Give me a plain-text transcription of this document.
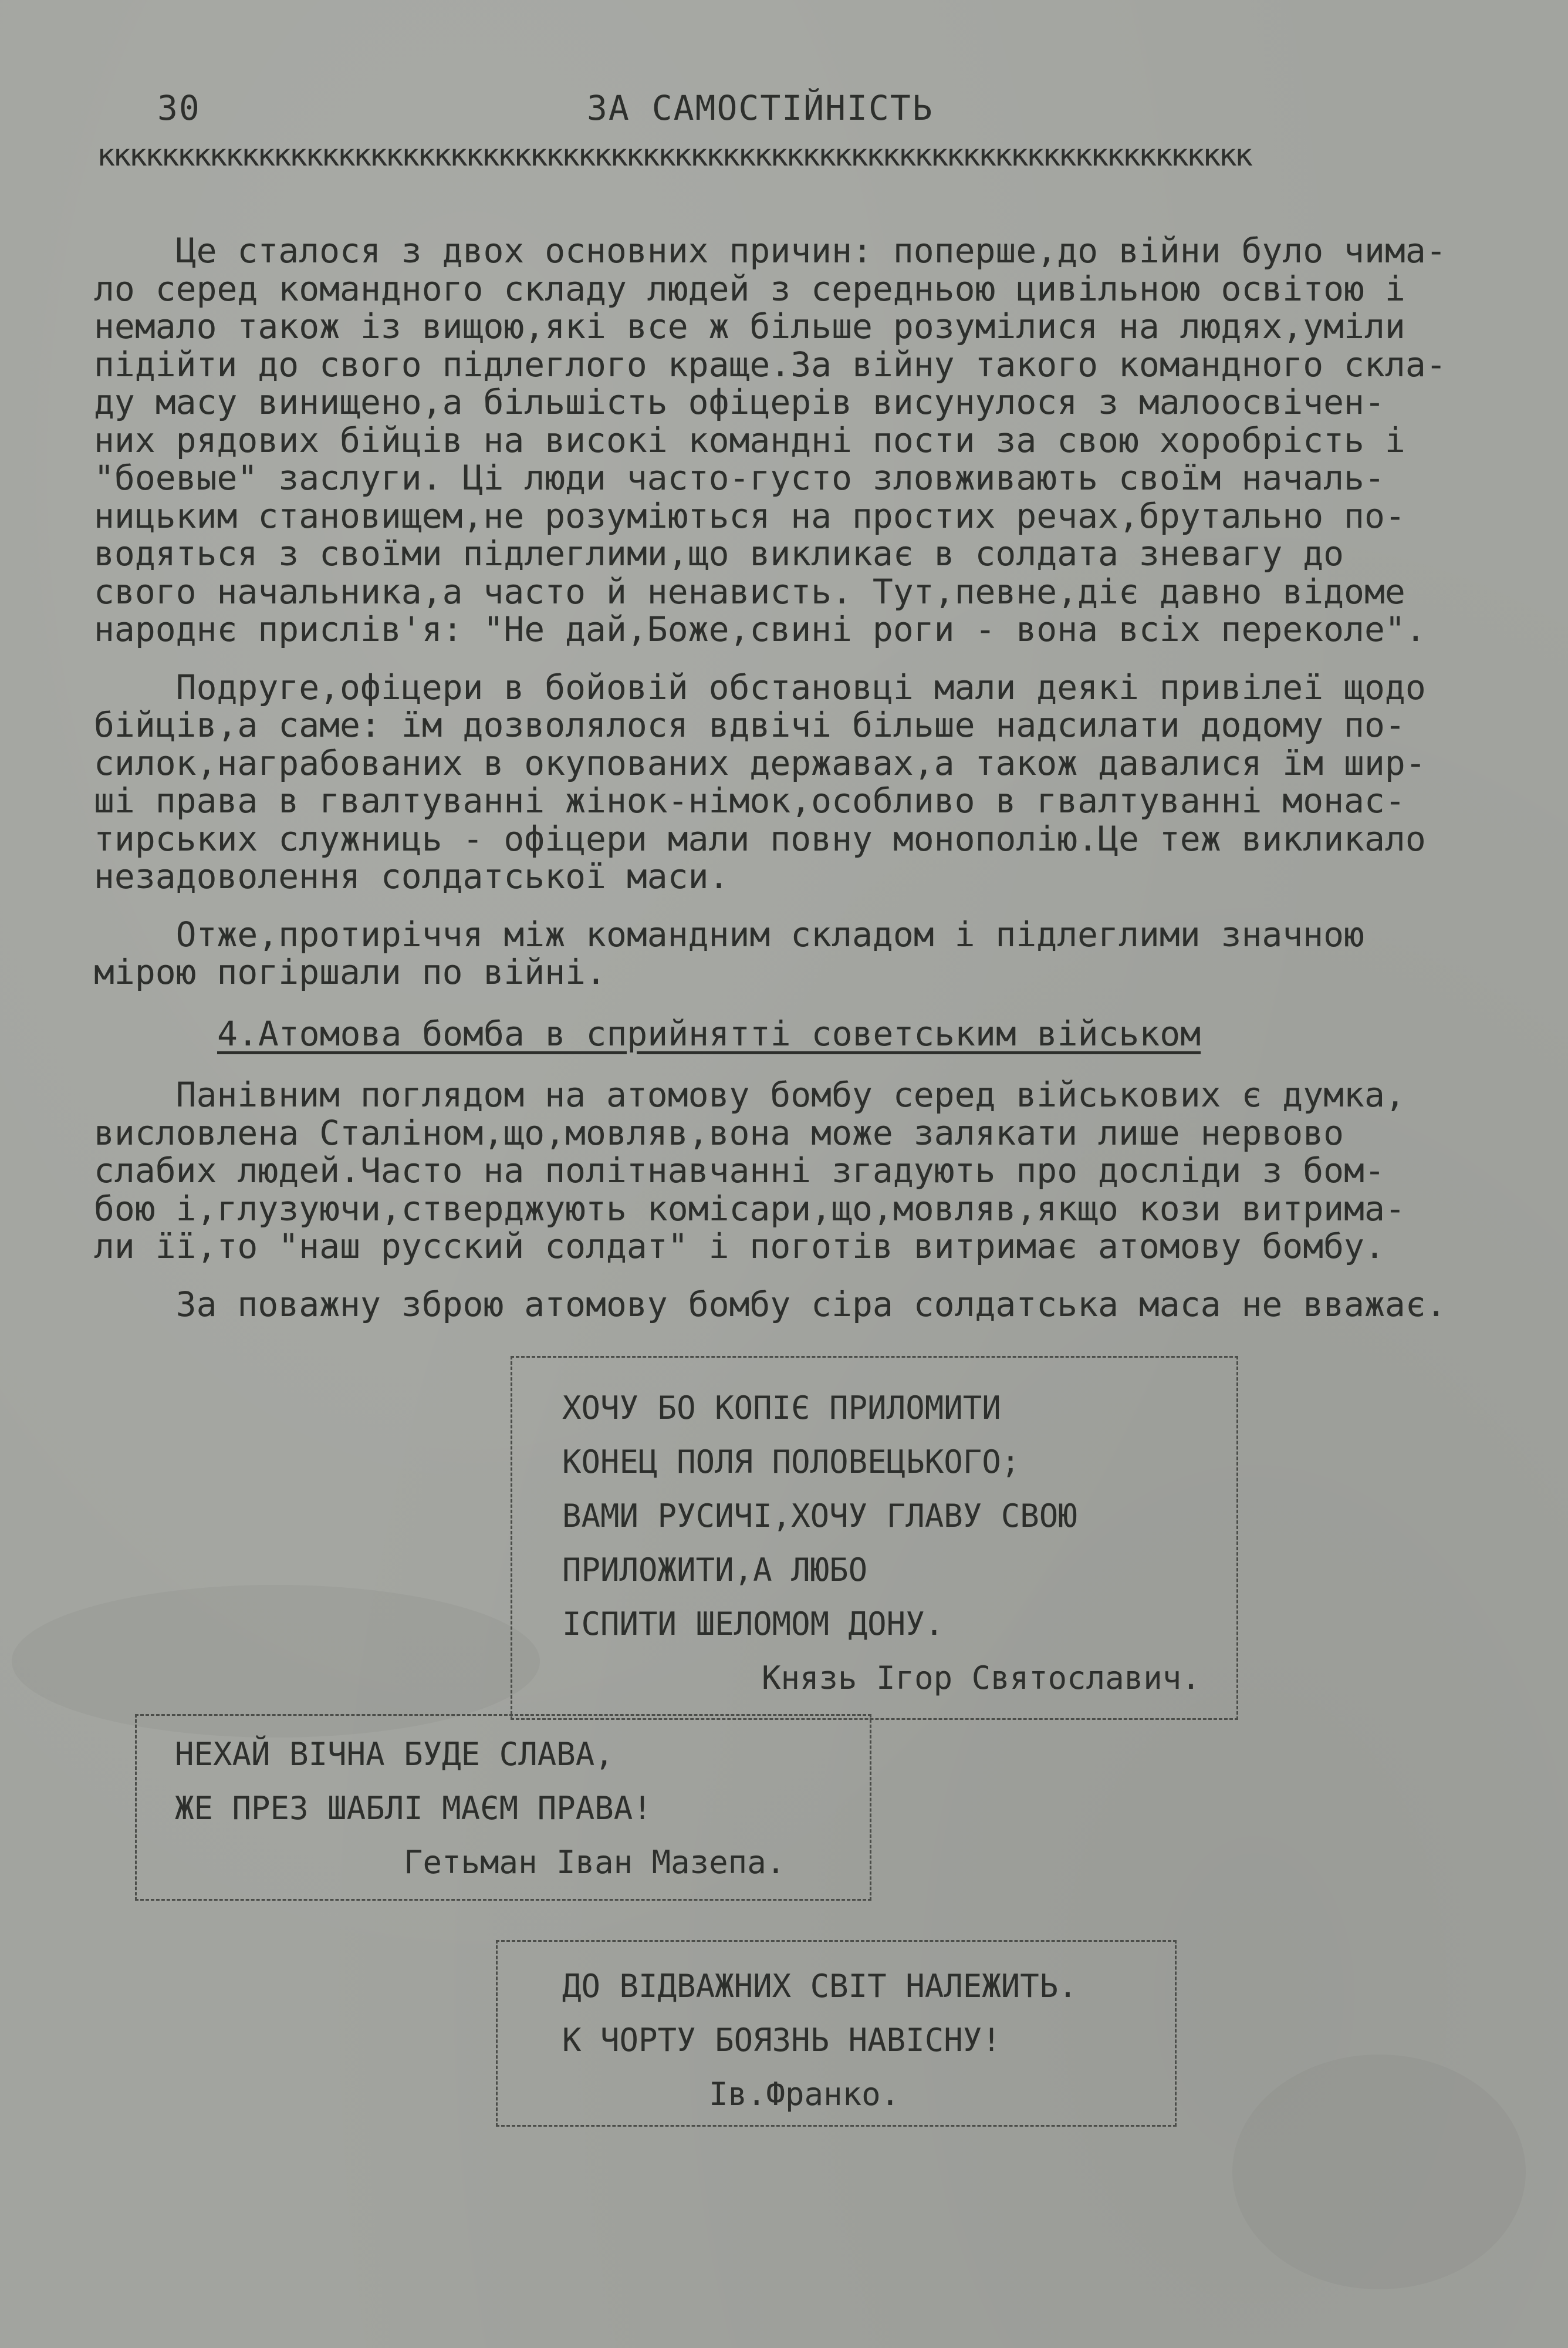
30	ЗА САМОСТІЙНІСТЬ
кккккккккккккккккккккккккккккккккккккккккккккккккккккккккккккккккккккккк

Це сталося з двох основних причин: поперше,до війни було чима-
ло серед командного складу людей з середньою цивільною освітою і
немало також із вищою,які все ж більше розумілися на людях,уміли
підійти до свого підлеглого краще.За війну такого командного скла-
ду масу винищено,а більшість офіцерів висунулося з малоосвічен-
них рядових бійців на високі командні пости за свою хоробрість і
"боевые" заслуги. Ці люди часто-густо зловживають своїм началь-
ницьким становищем,не розуміються на простих речах,брутально по-
водяться з своїми підлеглими,що викликає в солдата зневагу до
свого начальника,а часто й ненависть. Тут,певне,діє давно відоме
народнє прислів'я: "Не дай,Боже,свині роги - вона всіх переколе".

Подруге,офіцери в бойовій обстановці мали деякі привілеї щодо
бійців,а саме: їм дозволялося вдвічі більше надсилати додому по-
силок,награбованих в окупованих державах,а також давалися їм шир-
ші права в гвалтуванні жінок-німок,особливо в гвалтуванні монас-
тирських служниць - офіцери мали повну монополію.Це теж викликало
незадоволення солдатської маси.

Отже,протиріччя між командним складом і підлеглими значною
мірою погіршали по війні.

4.Атомова бомба в сприйнятті советським військом

Панівним поглядом на атомову бомбу серед військових є думка,
висловлена Сталіном,що,мовляв,вона може залякати лише нервово
слабих людей.Часто на політнавчанні згадують про досліди з бом-
бою і,глузуючи,стверджують комісари,що,мовляв,якщо кози витрима-
ли її,то "наш русский солдат" і поготів витримає атомову бомбу.

За поважну зброю атомову бомбу сіра солдатська маса не вважає.

ХОЧУ БО КОПІЄ ПРИЛОМИТИ
КОНЕЦ ПОЛЯ ПОЛОВЕЦЬКОГО;
ВАМИ РУСИЧІ,ХОЧУ ГЛАВУ СВОЮ
ПРИЛОЖИТИ,А ЛЮБО
ІСПИТИ ШЕЛОМОМ ДОНУ.
Князь Ігор Святославич.
НЕХАЙ ВІЧНА БУДЕ СЛАВА,
ЖЕ ПРЕЗ ШАБЛІ МАЄМ ПРАВА!
Гетьман Іван Мазепа.
ДО ВІДВАЖНИХ СВІТ НАЛЕЖИТЬ.
К ЧОРТУ БОЯЗНЬ НАВІСНУ!
Ів.Франко.
